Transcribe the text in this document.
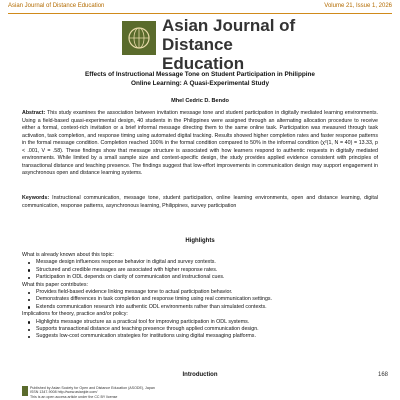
Asian Journal of Distance Education	Volume 21, Issue 1, 2026
Asian Journal of
Distance Education
Effects of Instructional Message Tone on Student Participation in Philippine
Online Learning: A Quasi-Experimental Study
Mhel Cedric D. Bendo
Abstract: This study examines the association between invitation message tone and student participation in digitally mediated learning environments. Using a field-based quasi-experimental design, 40 students in the Philippines were assigned through an alternating allocation procedure to receive either a formal, context-rich invitation or a brief informal message directing them to the same online task. Participation was measured through task activation, task completion, and response timing using automated digital tracking. Results showed higher completion rates and faster response patterns in the formal message condition. Completion reached 100% in the formal condition compared to 50% in the informal condition (χ²(1, N = 40) = 13.33, p < .001, V = .58). These findings show that message structure is associated with how learners respond to authentic requests in digitally mediated environments. While limited by a small sample size and context-specific design, the study provides applied evidence consistent with principles of transactional distance and teaching presence. The findings suggest that low-effort improvements in communication design may support engagement in asynchronous open and distance learning systems.
Keywords: Instructional communication, message tone, student participation, online learning environments, open and distance learning, digital communication, response patterns, asynchronous learning, Philippines, survey participation
Highlights

What is already known about this topic:

Message design influences response behavior in digital and survey contexts.
Structured and credible messages are associated with higher response rates.
Participation in ODL depends on clarity of communication and instructional cues.

What this paper contributes:

Provides field-based evidence linking message tone to actual participation behavior.
Demonstrates differences in task completion and response timing using real communication settings.
Extends communication research into authentic ODL environments rather than simulated contexts.

Implications for theory, practice and/or policy:

Highlights message structure as a practical tool for improving participation in ODL systems.
Supports transactional distance and teaching presence through applied communication design.
Suggests low-cost communication strategies for institutions using digital messaging platforms.
Introduction	168
Published by Asian Society for Open and Distance Education (ASODE), Japan
ISSN 1347-9008 http://www.asianjde.com/
This is an open access article under the CC BY license
